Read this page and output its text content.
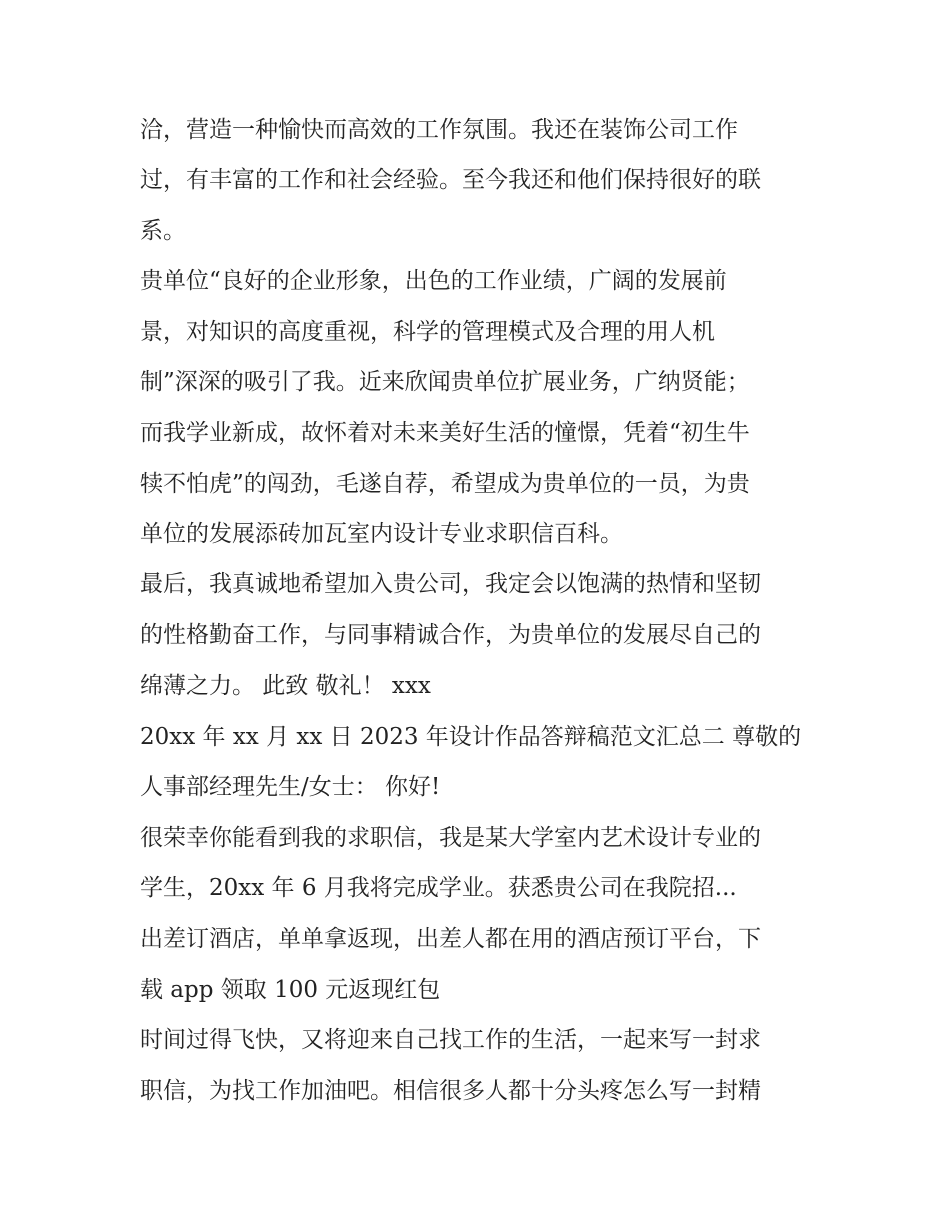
洽，营造一种愉快而高效的工作氛围。我还在装饰公司工作
过，有丰富的工作和社会经验。至今我还和他们保持很好的联
系。
贵单位“良好的企业形象，出色的工作业绩，广阔的发展前
景，对知识的高度重视，科学的管理模式及合理的用人机
制”深深的吸引了我。近来欣闻贵单位扩展业务，广纳贤能；
而我学业新成，故怀着对未来美好生活的憧憬，凭着“初生牛
犊不怕虎”的闯劲，毛遂自荐，希望成为贵单位的一员，为贵
单位的发展添砖加瓦室内设计专业求职信百科。
最后，我真诚地希望加入贵公司，我定会以饱满的热情和坚韧
的性格勤奋工作，与同事精诚合作，为贵单位的发展尽自己的
绵薄之力。 此致 敬礼！ xxx
20xx 年 xx 月 xx 日 2023 年设计作品答辩稿范文汇总二 尊敬的
人事部经理先生/女士： 你好!
很荣幸你能看到我的求职信，我是某大学室内艺术设计专业的
学生，20xx 年 6 月我将完成学业。获悉贵公司在我院招...
出差订酒店，单单拿返现，出差人都在用的酒店预订平台，下
载 app 领取 100 元返现红包
时间过得飞快，又将迎来自己找工作的生活，一起来写一封求
职信，为找工作加油吧。相信很多人都十分头疼怎么写一封精
